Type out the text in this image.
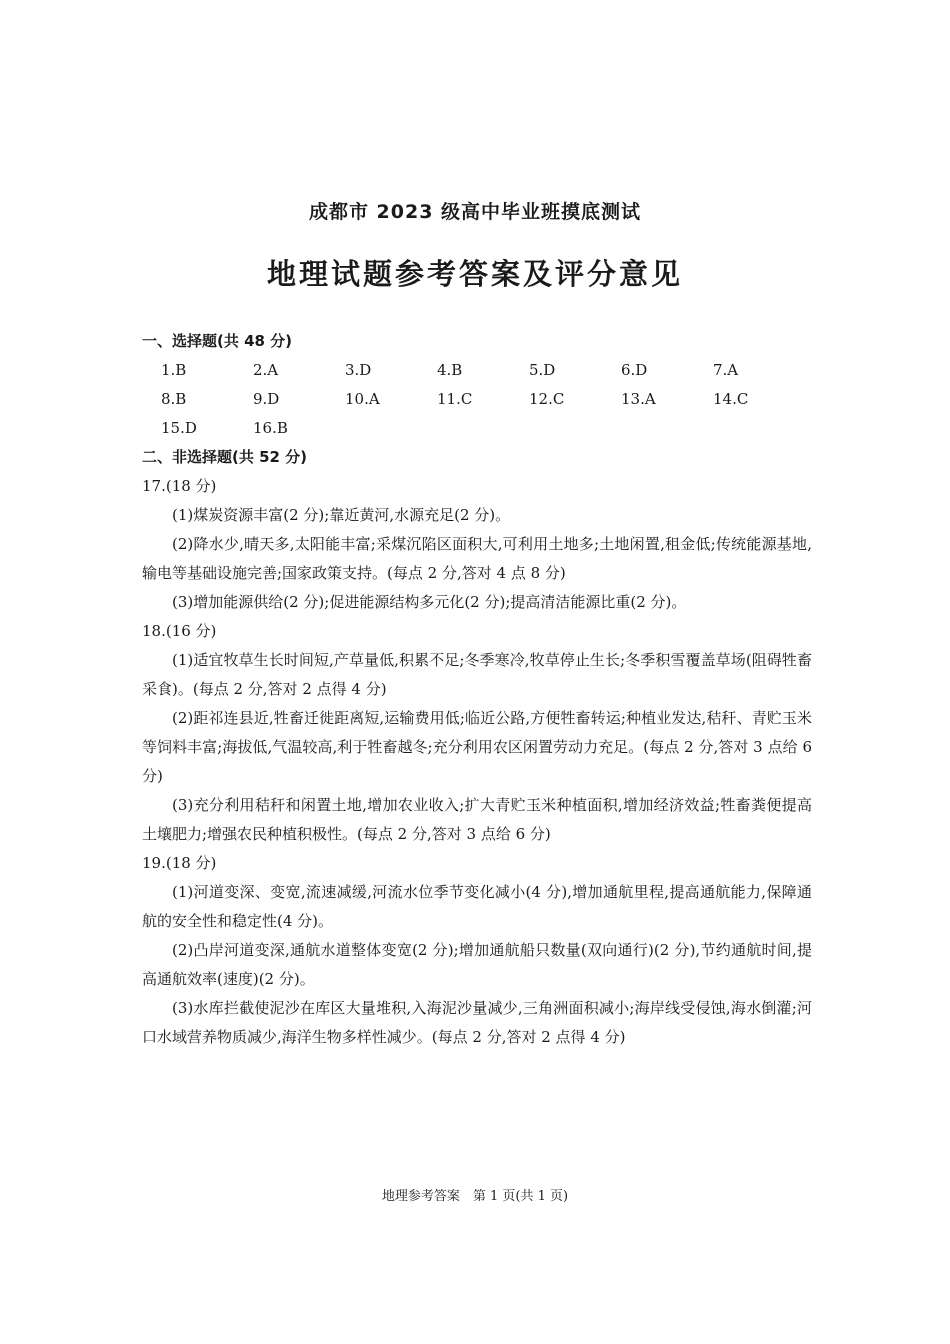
成都市 2023 级高中毕业班摸底测试
地理试题参考答案及评分意见
一、选择题(共 48 分)
1.B	2.A	3.D	4.B	5.D	6.D	7.A
8.B	9.D	10.A	11.C	12.C	13.A	14.C
15.D	16.B
二、非选择题(共 52 分)
17.(18 分)
(1)煤炭资源丰富(2 分);靠近黄河,水源充足(2 分)。
(2)降水少,晴天多,太阳能丰富;采煤沉陷区面积大,可利用土地多;土地闲置,租金低;传统能源基地,输电等基础设施完善;国家政策支持。(每点 2 分,答对 4 点 8 分)
(3)增加能源供给(2 分);促进能源结构多元化(2 分);提高清洁能源比重(2 分)。
18.(16 分)
(1)适宜牧草生长时间短,产草量低,积累不足;冬季寒冷,牧草停止生长;冬季积雪覆盖草场(阻碍牲畜采食)。(每点 2 分,答对 2 点得 4 分)
(2)距祁连县近,牲畜迁徙距离短,运输费用低;临近公路,方便牲畜转运;种植业发达,秸秆、青贮玉米等饲料丰富;海拔低,气温较高,利于牲畜越冬;充分利用农区闲置劳动力充足。(每点 2 分,答对 3 点给 6 分)
(3)充分利用秸秆和闲置土地,增加农业收入;扩大青贮玉米种植面积,增加经济效益;牲畜粪便提高土壤肥力;增强农民种植积极性。(每点 2 分,答对 3 点给 6 分)
19.(18 分)
(1)河道变深、变宽,流速减缓,河流水位季节变化减小(4 分),增加通航里程,提高通航能力,保障通航的安全性和稳定性(4 分)。
(2)凸岸河道变深,通航水道整体变宽(2 分);增加通航船只数量(双向通行)(2 分),节约通航时间,提高通航效率(速度)(2 分)。
(3)水库拦截使泥沙在库区大量堆积,入海泥沙量减少,三角洲面积减小;海岸线受侵蚀,海水倒灌;河口水域营养物质减少,海洋生物多样性减少。(每点 2 分,答对 2 点得 4 分)
地理参考答案　第 1 页(共 1 页)
